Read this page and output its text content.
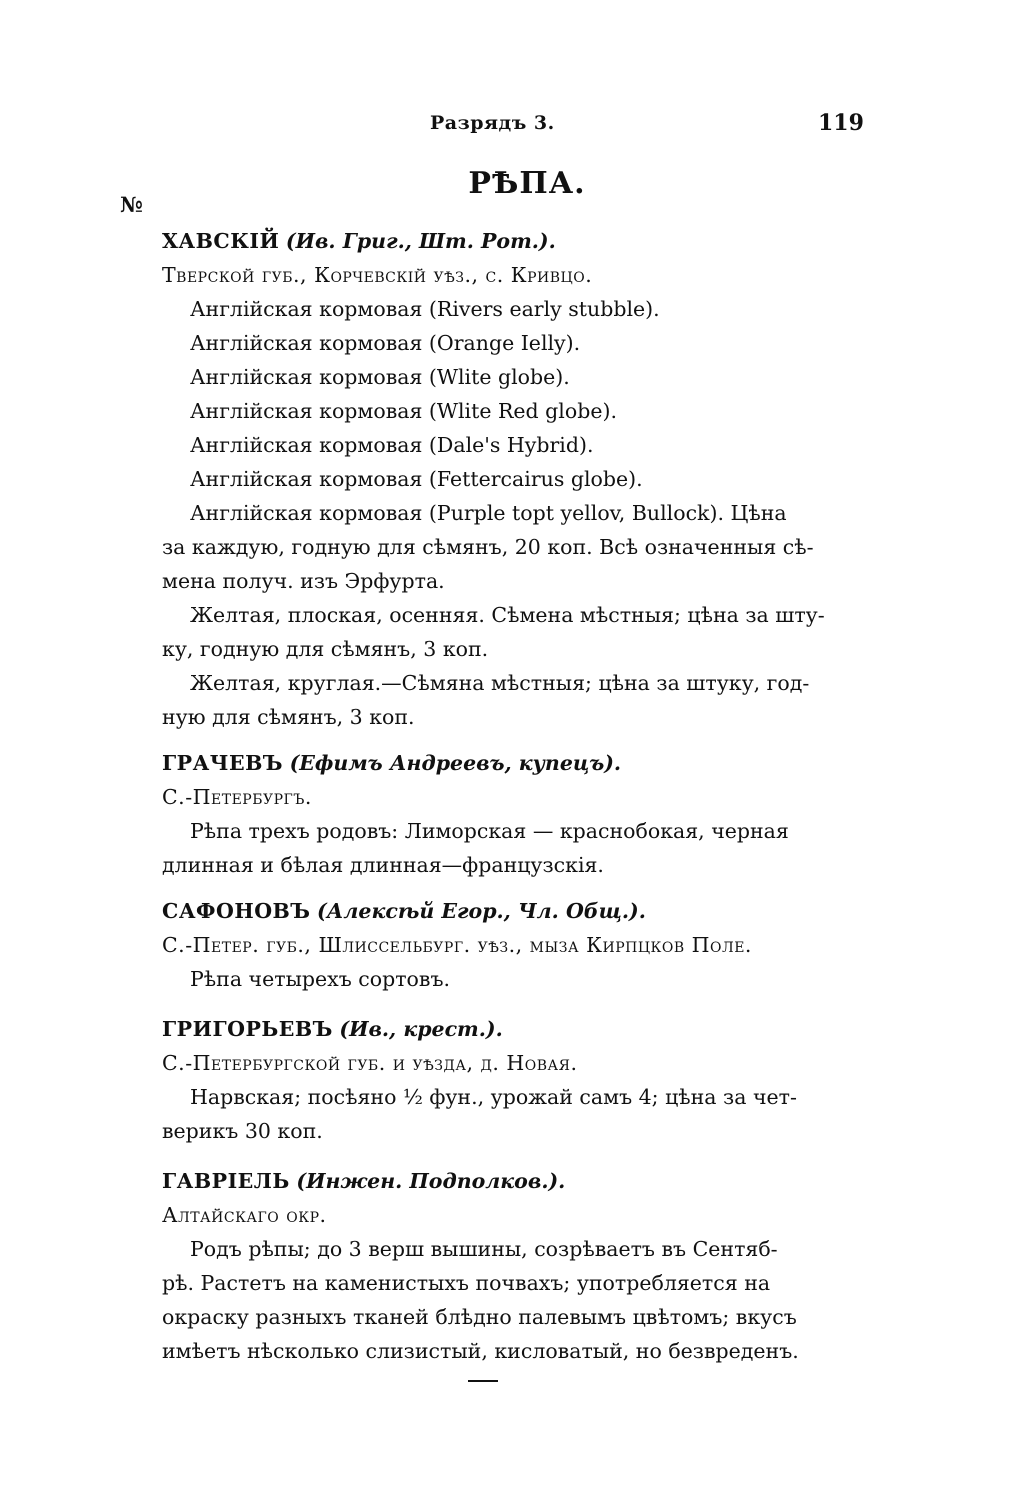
Разрядъ 3.	119
РѢПА.
№
ХАВСКІЙ (Ив. Григ., Шт. Рот.).
Тверской губ., Корчевскій уѣз., с. Кривцо.
Англійская кормовая (Rivers early stubble).
Англійская кормовая (Orange Ielly).
Англійская кормовая (Wlite globe).
Англійская кормовая (Wlite Red globe).
Англійская кормовая (Dale's Hybrid).
Англійская кормовая (Fettercairus globe).
Англійская кормовая (Purple topt yellov, Bullock). Цѣна
за каждую, годную для сѣмянъ, 20 коп. Всѣ означенныя сѣ-
мена получ. изъ Эрфурта.
Желтая, плоская, осенняя. Сѣмена мѣстныя; цѣна за шту-
ку, годную для сѣмянъ, 3 коп.
Желтая, круглая.—Сѣмяна мѣстныя; цѣна за штуку, год-
ную для сѣмянъ, 3 коп.
ГРАЧЕВЪ (Ефимъ Андреевъ, купецъ).
С.-Петербургъ.
Рѣпа трехъ родовъ: Лиморская — краснобокая, черная
длинная и бѣлая длинная—французскія.
САФОНОВЪ (Алексѣй Егор., Чл. Общ.).
С.-Петер. губ., Шлиссельбург. уѣз., мыза Кирпцков Поле.
Рѣпа четырехъ сортовъ.
ГРИГОРЬЕВЪ (Ив., крест.).
С.-Петербургской губ. и уѣзда, д. Новая.
Нарвская; посѣяно ½ фун., урожай самъ 4; цѣна за чет-
верикъ 30 коп.
ГАВРІЕЛЬ (Инжен. Подполков.).
Алтайскаго окр.
Родъ рѣпы; до 3 верш вышины, созрѣваетъ въ Сентяб-
рѣ. Растетъ на каменистыхъ почвахъ; употребляется на
окраску разныхъ тканей блѣдно палевымъ цвѣтомъ; вкусъ
имѣетъ нѣсколько слизистый, кисловатый, но безвреденъ.
